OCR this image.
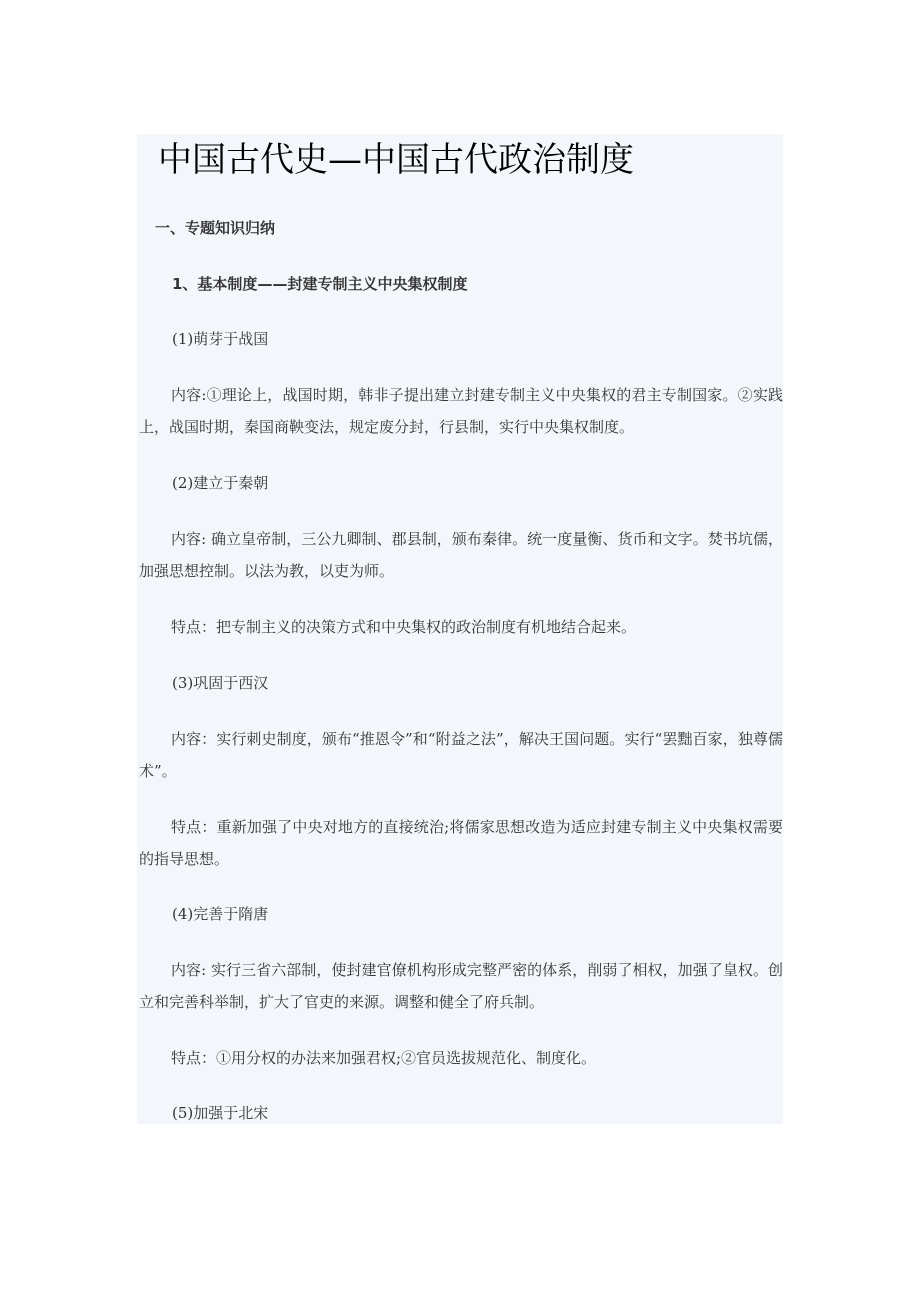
中国古代史—中国古代政治制度
一、专题知识归纳
1、基本制度——封建专制主义中央集权制度

(1)萌芽于战国

内容:①理论上，战国时期，韩非子提出建立封建专制主义中央集权的君主专制国家。②实践上，战国时期，秦国商鞅变法，规定废分封，行县制，实行中央集权制度。

(2)建立于秦朝

内容: 确立皇帝制，三公九卿制、郡县制，颁布秦律。统一度量衡、货币和文字。焚书坑儒，加强思想控制。以法为教，以吏为师。

特点：把专制主义的决策方式和中央集权的政治制度有机地结合起来。

(3)巩固于西汉

内容：实行刺史制度，颁布“推恩令”和“附益之法”，解决王国问题。实行“罢黜百家，独尊儒术”。

特点：重新加强了中央对地方的直接统治;将儒家思想改造为适应封建专制主义中央集权需要的指导思想。

(4)完善于隋唐

内容: 实行三省六部制，使封建官僚机构形成完整严密的体系，削弱了相权，加强了皇权。创立和完善科举制，扩大了官吏的来源。调整和健全了府兵制。

特点：①用分权的办法来加强君权;②官员选拔规范化、制度化。

(5)加强于北宋
